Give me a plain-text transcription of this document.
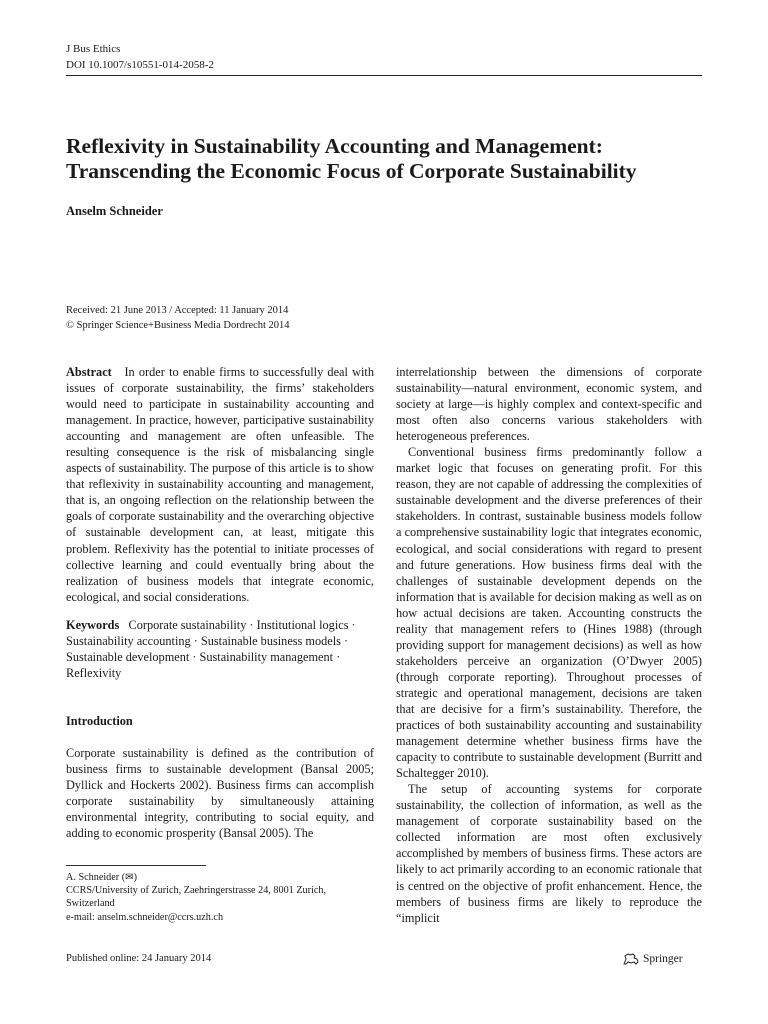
J Bus Ethics
DOI 10.1007/s10551-014-2058-2
Reflexivity in Sustainability Accounting and Management:
Transcending the Economic Focus of Corporate Sustainability
Anselm Schneider
Received: 21 June 2013 / Accepted: 11 January 2014
© Springer Science+Business Media Dordrecht 2014

Abstract In order to enable firms to successfully deal with issues of corporate sustainability, the firms’ stakeholders would need to participate in sustainability accounting and management. In practice, however, participative sustainability accounting and management are often unfeasible. The resulting consequence is the risk of misbalancing single aspects of sustainability. The purpose of this article is to show that reflexivity in sustainability accounting and management, that is, an ongoing reflection on the relationship between the goals of corporate sustainability and the overarching objective of sustainable development can, at least, mitigate this problem. Reflexivity has the potential to initiate processes of collective learning and could eventually bring about the realization of business models that integrate economic, ecological, and social considerations.

Keywords Corporate sustainability · Institutional logics · Sustainability accounting · Sustainable business models · Sustainable development · Sustainability management · Reflexivity

Introduction

Corporate sustainability is defined as the contribution of business firms to sustainable development (Bansal 2005; Dyllick and Hockerts 2002). Business firms can accomplish corporate sustainability by simultaneously attaining environmental integrity, contributing to social equity, and adding to economic prosperity (Bansal 2005). The

interrelationship between the dimensions of corporate sustainability—natural environment, economic system, and society at large—is highly complex and context-specific and most often also concerns various stakeholders with heterogeneous preferences.

Conventional business firms predominantly follow a market logic that focuses on generating profit. For this reason, they are not capable of addressing the complexities of sustainable development and the diverse preferences of their stakeholders. In contrast, sustainable business models follow a comprehensive sustainability logic that integrates economic, ecological, and social considerations with regard to present and future generations. How business firms deal with the challenges of sustainable development depends on the information that is available for decision making as well as on how actual decisions are taken. Accounting constructs the reality that management refers to (Hines 1988) (through providing support for management decisions) as well as how stakeholders perceive an organization (O’Dwyer 2005) (through corporate reporting). Throughout processes of strategic and operational management, decisions are taken that are decisive for a firm’s sustainability. Therefore, the practices of both sustainability accounting and sustainability management determine whether business firms have the capacity to contribute to sustainable development (Burritt and Schaltegger 2010).

The setup of accounting systems for corporate sustainability, the collection of information, as well as the management of corporate sustainability based on the collected information are most often exclusively accomplished by members of business firms. These actors are likely to act primarily according to an economic rationale that is centred on the objective of profit enhancement. Hence, the members of business firms are likely to reproduce the “implicit

A. Schneider (✉)
CCRS/University of Zurich, Zaehringerstrasse 24, 8001 Zurich, Switzerland
e-mail: anselm.schneider@ccrs.uzh.ch
Published online: 24 January 2014	Springer
